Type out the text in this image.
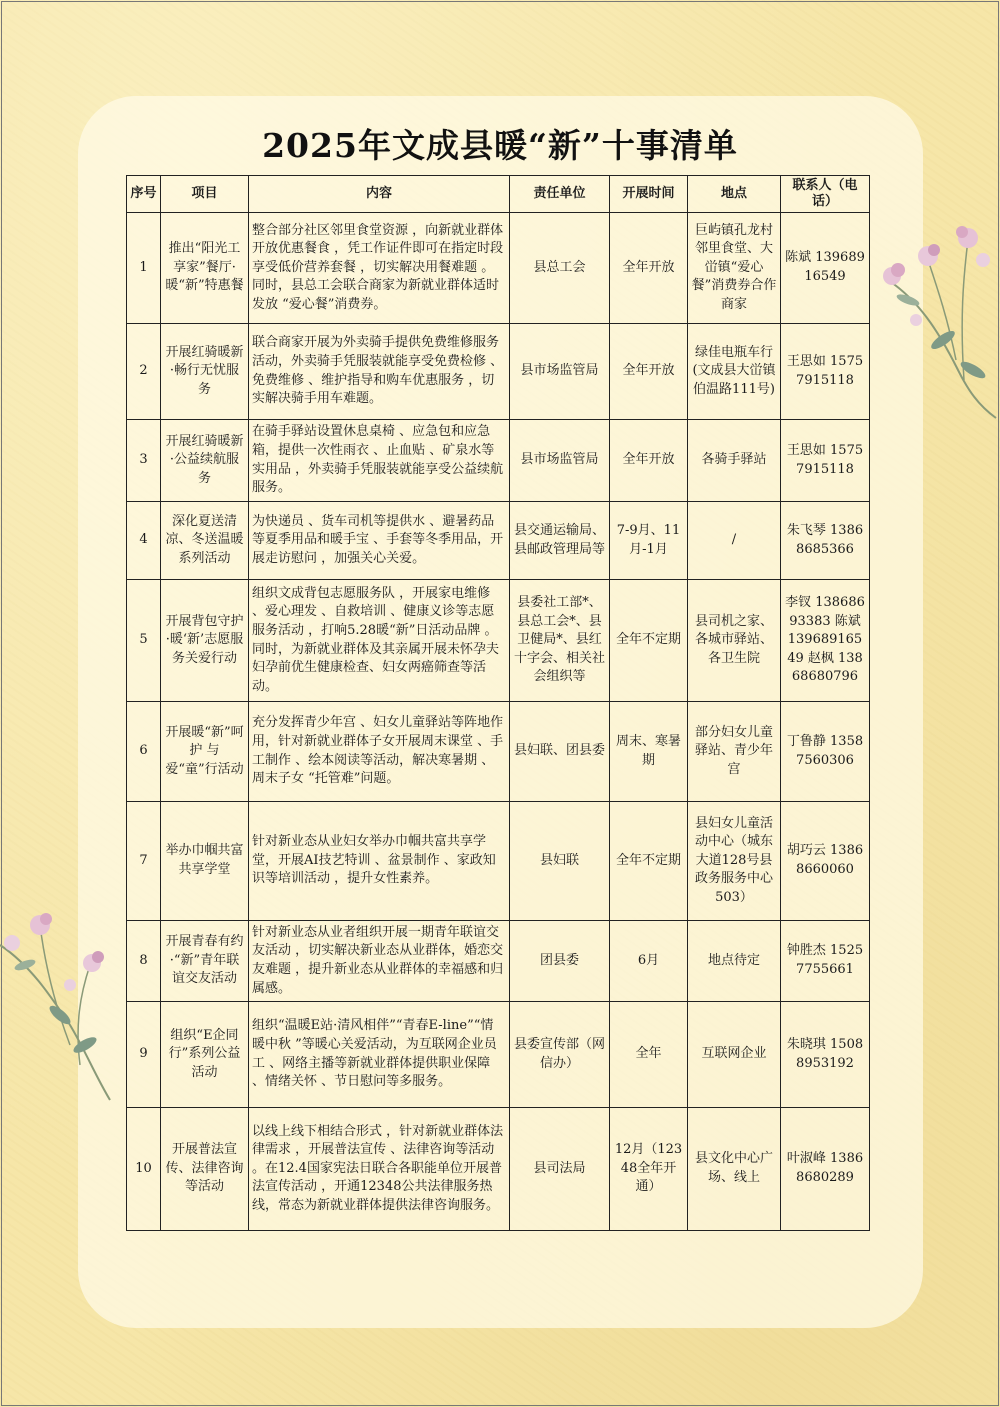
2025年文成县暖“新”十事清单
序号	项目	内容	责任单位	开展时间	地点	联系人（电话）
1	推出“阳光工享家”餐厅·暖“新”特惠餐	整合部分社区邻里食堂资源 ，向新就业群体开放优惠餐食 ，凭工作证件即可在指定时段享受低价营养套餐 ，切实解决用餐难题 。同时，县总工会联合商家为新就业群体适时发放 “爱心餐”消费券。	县总工会	全年开放	巨屿镇孔龙村邻里食堂、大峃镇“爱心餐”消费券合作商家	陈斌 13968916549
2	开展红骑暖新·畅行无忧服务	联合商家开展为外卖骑手提供免费维修服务活动，外卖骑手凭服装就能享受免费检修 、免费维修 、维护指导和购车优惠服务 ，切实解决骑手用车难题。	县市场监管局	全年开放	绿佳电瓶车行(文成县大峃镇伯温路111号)	王思如 15757915118
3	开展红骑暖新·公益续航服务	在骑手驿站设置休息桌椅 、应急包和应急箱，提供一次性雨衣 、止血贴 、矿泉水等实用品 ，外卖骑手凭服装就能享受公益续航服务。	县市场监管局	全年开放	各骑手驿站	王思如 15757915118
4	深化夏送清凉、冬送温暖系列活动	为快递员 、货车司机等提供水 、避暑药品等夏季用品和暖手宝 、手套等冬季用品，开展走访慰问 ，加强关心关爱。	县交通运输局、县邮政管理局等	7-9月、11月-1月	/	朱飞琴 13868685366
5	开展背包守护·暖‘新’志愿服务关爱行动	组织文成背包志愿服务队 ，开展家电维修 、爱心理发 、自救培训 、健康义诊等志愿服务活动 ，打响5.28暖“新”日活动品牌 。同时，为新就业群体及其亲属开展未怀孕夫妇孕前优生健康检查、妇女两癌筛查等活动。	县委社工部*、县总工会*、县卫健局*、县红十字会、相关社会组织等	全年不定期	县司机之家、各城市驿站、各卫生院	李钗 13868693383 陈斌 13968916549 赵枫 13868680796
6	开展暖“新”呵护 与爱“童”行活动	充分发挥青少年宫 、妇女儿童驿站等阵地作用，针对新就业群体子女开展周末课堂 、手工制作 、绘本阅读等活动，解决寒暑期 、周末子女 “托管难”问题。	县妇联、团县委	周末、寒暑期	部分妇女儿童驿站、青少年宫	丁鲁静 13587560306
7	举办巾帼共富共享学堂	针对新业态从业妇女举办巾帼共富共享学堂，开展AI技艺特训 、盆景制作 、家政知识等培训活动 ，提升女性素养。	县妇联	全年不定期	县妇女儿童活动中心（城东大道128号县政务服务中心503）	胡巧云 13868660060
8	开展青春有约·“新”青年联谊交友活动	针对新业态从业者组织开展一期青年联谊交友活动 ，切实解决新业态从业群体，婚恋交友难题 ，提升新业态从业群体的幸福感和归属感。	团县委	6月	地点待定	钟胜杰 15257755661
9	组织“E企同行”系列公益活动	组织“温暖E站·清风相伴”“青春E-line”“情暖中秋 ”等暖心关爱活动，为互联网企业员工 、网络主播等新就业群体提供职业保障 、情绪关怀 、节日慰问等多服务。	县委宣传部（网信办）	全年	互联网企业	朱晓琪 15088953192
10	开展普法宣传、法律咨询等活动	以线上线下相结合形式 ，针对新就业群体法律需求 ，开展普法宣传 、法律咨询等活动 。在12.4国家宪法日联合各职能单位开展普法宣传活动 ，开通12348公共法律服务热线，常态为新就业群体提供法律咨询服务。	县司法局	12月（12348全年开通）	县文化中心广场、线上	叶淑峰 13868680289
